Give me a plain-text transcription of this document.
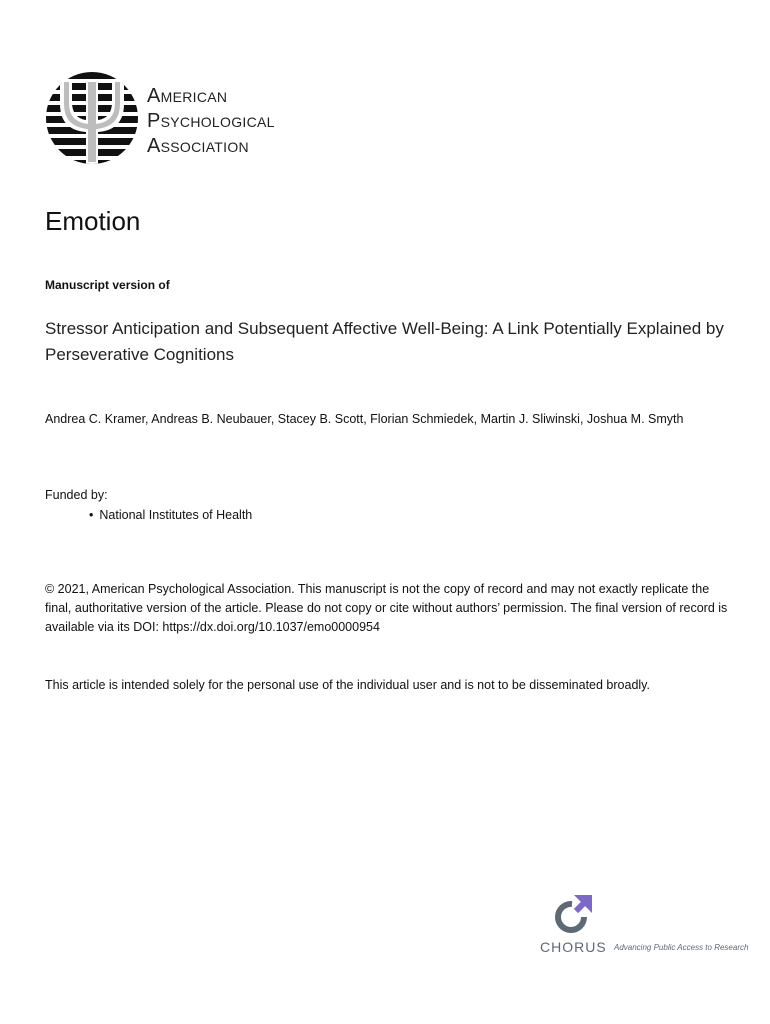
American
Psychological
Association
Emotion

Manuscript version of

Stressor Anticipation and Subsequent Affective Well-Being: A Link Potentially Explained by Perseverative Cognitions

Andrea C. Kramer, Andreas B. Neubauer, Stacey B. Scott, Florian Schmiedek, Martin J. Sliwinski, Joshua M. Smyth

Funded by:
• National Institutes of Health

© 2021, American Psychological Association. This manuscript is not the copy of record and may not exactly replicate the final, authoritative version of the article. Please do not copy or cite without authors’ permission. The final version of record is available via its DOI: https://dx.doi.org/10.1037/emo0000954

This article is intended solely for the personal use of the individual user and is not to be disseminated broadly.

CHORUS Advancing Public Access to Research
